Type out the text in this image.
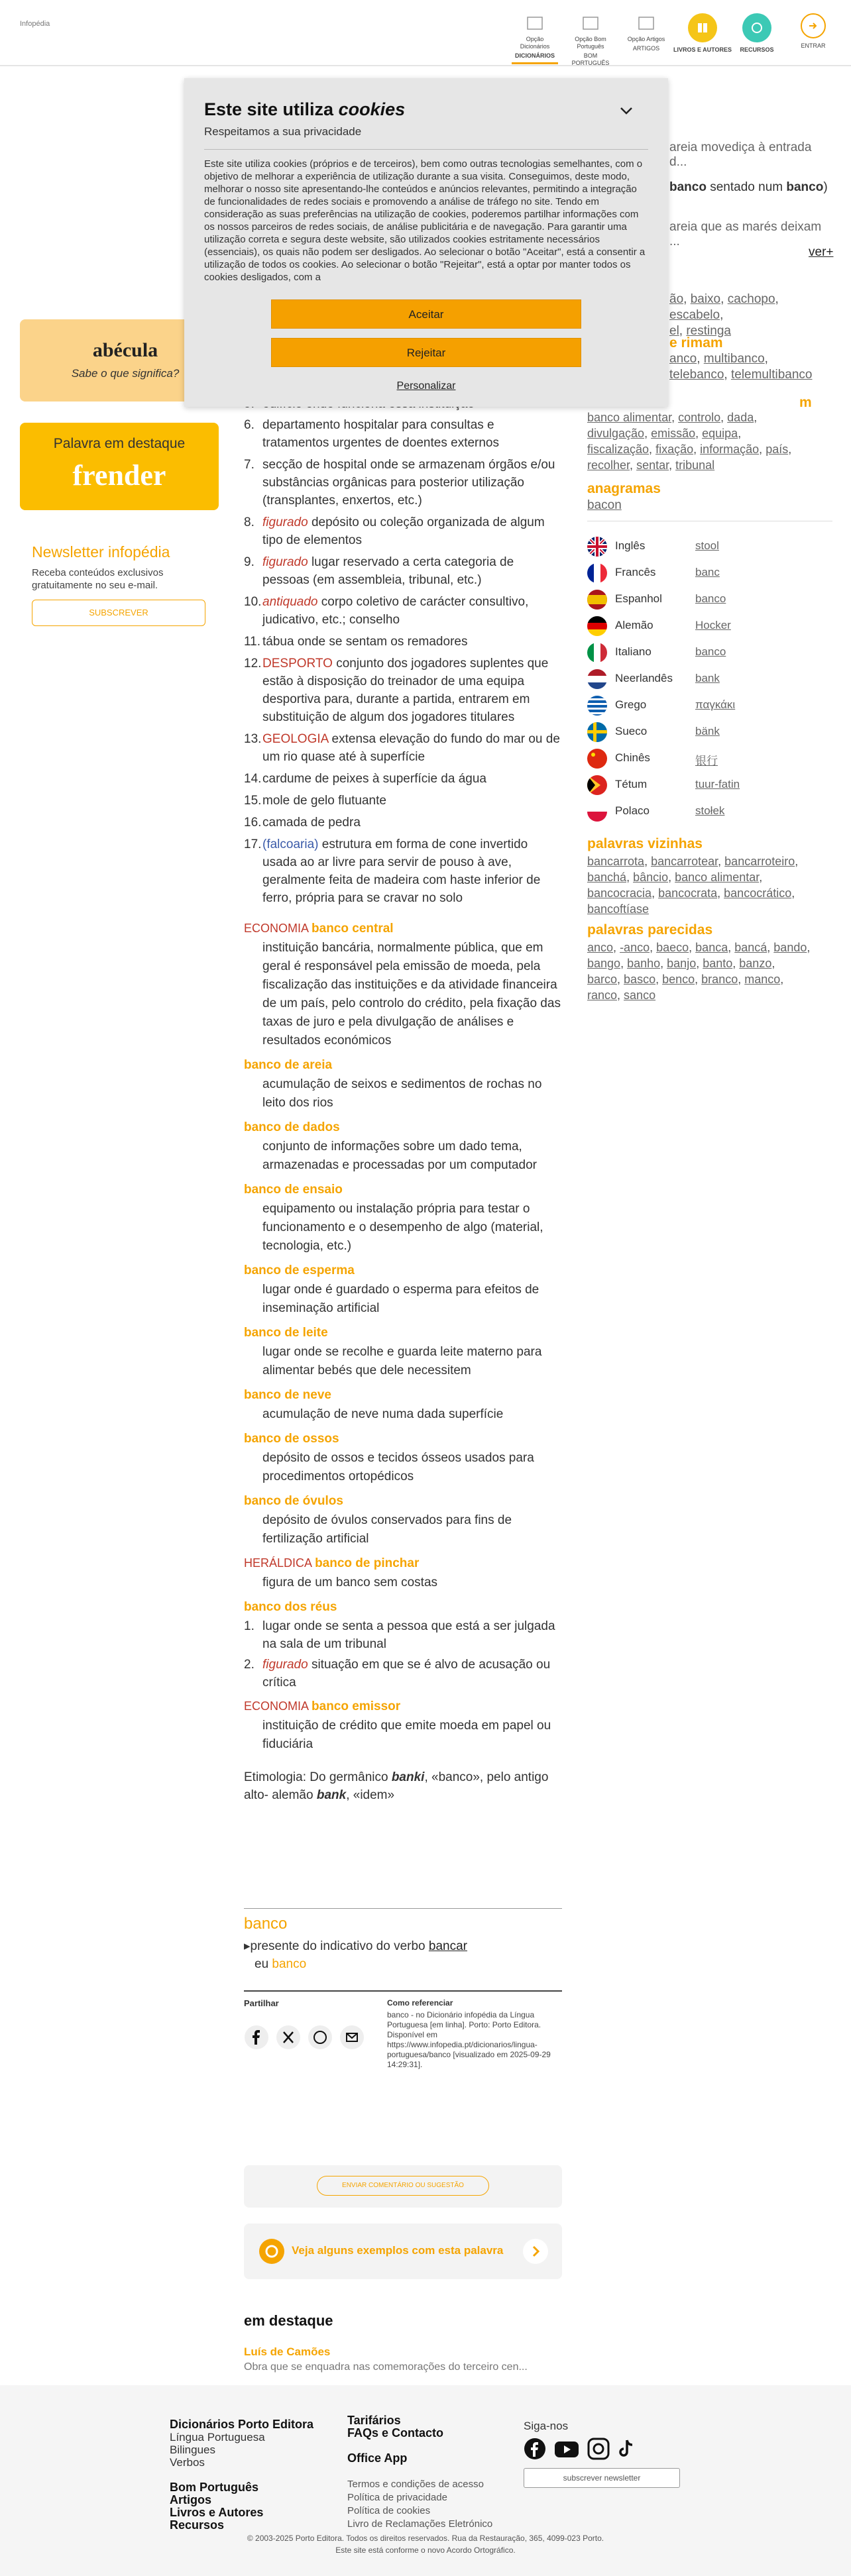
Infopédia
Opção Dicionários
DICIONÁRIOS
Opção Bom Português
BOM PORTUGUÊS
Opção Artigos
ARTIGOS	LIVROS E AUTORES	RECURSOS
ENTRAR
abécula
Sabe o que significa?
Palavra em destaque
frender
Newsletter infopédia
Receba conteúdos exclusivos gratuitamente no seu e-mail.
SUBSCREVER
areia movediça à entrada d...
banco sentado num banco)
areia que as marés deixam ...
ver+
ão, baixo, cachopo, escabelo,
el, restinga
e rimam
anco, multibanco,
telebanco, telemultibanco
m
banco alimentar, controlo, dada,
divulgação, emissão, equipa,
fiscalização, fixação, informação, país,
recolher, sentar, tribunal
anagramas
bacon
Inglês	stool
Francês	banc
Espanhol	banco
Alemão	Hocker
Italiano	banco
Neerlandês bank
Grego	παγκάκι
Sueco	bänk
Chinês	银行
Tétum	tuur-fatin
Polaco	stołek
palavras vizinhas
bancarrota, bancarrotear, bancarroteiro,
banchá, bâncio, banco alimentar,
bancocracia, bancocrata, bancocrático,
bancoftíase
palavras parecidas
anco, -anco, baeco, banca, bancá, bando,
bango, banho, banjo, banto, banzo,
barco, basco, benco, branco, manco,
ranco, sanco
6. departamento hospitalar para consultas e tratamentos urgentes de doentes externos
7. secção de hospital onde se armazenam órgãos e/ou substâncias orgânicas para posterior utilização (transplantes, enxertos, etc.)
8. figurado depósito ou coleção organizada de algum tipo de elementos
9. figurado lugar reservado a certa categoria de pessoas (em assembleia, tribunal, etc.)
10. antiquado corpo coletivo de carácter consultivo, judicativo, etc.; conselho
11. tábua onde se sentam os remadores
12. DESPORTO conjunto dos jogadores suplentes que estão à disposição do treinador de uma equipa desportiva para, durante a partida, entrarem em substituição de algum dos jogadores titulares
13. GEOLOGIA extensa elevação do fundo do mar ou de um rio quase até à superfície
14. cardume de peixes à superfície da água
15. mole de gelo flutuante
16. camada de pedra
17. (falcoaria) estrutura em forma de cone invertido usada ao ar livre para servir de pouso à ave, geralmente feita de madeira com haste inferior de ferro, própria para se cravar no solo
ECONOMIA banco central
instituição bancária, normalmente pública, que em geral é responsável pela emissão de moeda, pela fiscalização das instituições e da atividade financeira de um país, pelo controlo do crédito, pela fixação das taxas de juro e pela divulgação de análises e resultados económicos
banco de areia
acumulação de seixos e sedimentos de rochas no leito dos rios
banco de dados
conjunto de informações sobre um dado tema, armazenadas e processadas por um computador
banco de ensaio
equipamento ou instalação própria para testar o funcionamento e o desempenho de algo (material, tecnologia, etc.)
banco de esperma
lugar onde é guardado o esperma para efeitos de inseminação artificial
banco de leite
lugar onde se recolhe e guarda leite materno para alimentar bebés que dele necessitem
banco de neve
acumulação de neve numa dada superfície
banco de ossos
depósito de ossos e tecidos ósseos usados para procedimentos ortopédicos
banco de óvulos
depósito de óvulos conservados para fins de fertilização artificial
HERÁLDICA banco de pinchar
figura de um banco sem costas
banco dos réus
1. lugar onde se senta a pessoa que está a ser julgada na sala de um tribunal
2. figurado situação em que se é alvo de acusação ou crítica
ECONOMIA banco emissor
instituição de crédito que emite moeda em papel ou fiduciária
Etimologia: Do germânico banki, «banco», pelo antigo alto- alemão bank, «idem»
banco
▸presente do indicativo do verbo bancar
eu banco
Partilhar	Como referenciar
banco - no Dicionário infopédia da Língua Portuguesa [em linha]. Porto: Porto Editora. Disponível em https://www.infopedia.pt/dicionarios/lingua-portuguesa/banco [visualizado em 2025-09-29 14:29:31].
ENVIAR COMENTÁRIO OU SUGESTÃO
Veja alguns exemplos com esta palavra
em destaque
Luís de Camões
Obra que se enquadra nas comemorações do terceiro cen...
Este site utiliza cookies
Respeitamos a sua privacidade
Este site utiliza cookies (próprios e de terceiros), bem como outras tecnologias semelhantes, com o objetivo de melhorar a experiência de utilização durante a sua visita. Conseguimos, deste modo, melhorar o nosso site apresentando-lhe conteúdos e anúncios relevantes, permitindo a integração de funcionalidades de redes sociais e promovendo a análise de tráfego no site. Tendo em consideração as suas preferências na utilização de cookies, poderemos partilhar informações com os nossos parceiros de redes sociais, de análise publicitária e de navegação. Para garantir uma utilização correta e segura deste website, são utilizados cookies estritamente necessários (essenciais), os quais não podem ser desligados. Ao selecionar o botão "Aceitar", está a consentir a utilização de todos os cookies. Ao selecionar o botão "Rejeitar", está a optar por manter todos os cookies desligados, com a
Aceitar
Rejeitar
Personalizar
Dicionários Porto Editora
Língua Portuguesa
Bilingues
Verbos

Bom Português
Artigos
Livros e Autores
Recursos
Tarifários
FAQs e Contacto

Office App

Termos e condições de acesso
Política de privacidade
Política de cookies
Livro de Reclamações Eletrónico
Siga-nos
subscrever newsletter
© 2003-2025 Porto Editora. Todos os direitos reservados. Rua da Restauração, 365, 4099-023 Porto.
Este site está conforme o novo Acordo Ortográfico.
